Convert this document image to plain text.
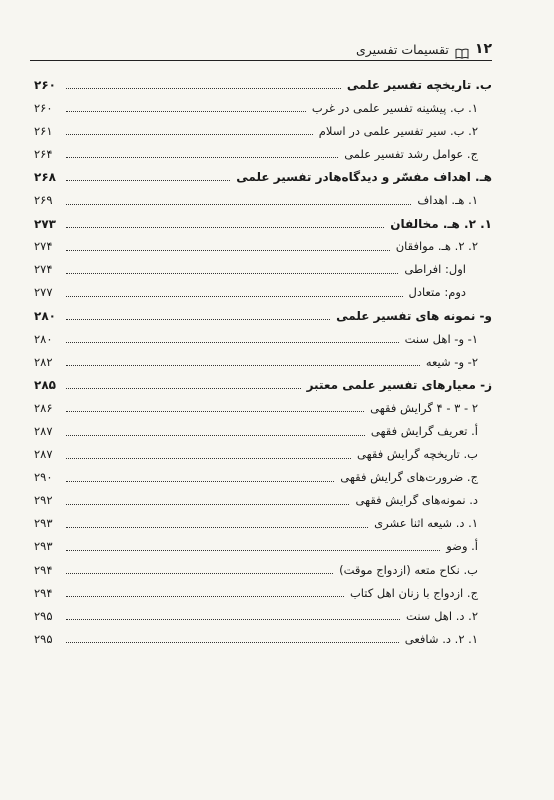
۱۲
تقسیمات تفسیری
ب. تاریخچه تفسیر علمی
۲۶۰
۱. ب. پیشینه تفسیر علمی در غرب
۲۶۰
۲. ب. سیر تفسیر علمی در اسلام
۲۶۱
ج. عوامل رشد تفسیر علمی
۲۶۴
هـ. اهداف مفسّر و دیدگاه‌هادر تفسیر علمی
۲۶۸
۱. هـ. اهداف
۲۶۹
۱. ۲. هـ. مخالفان
۲۷۳
۲. ۲. هـ. موافقان
۲۷۴
اول: افراطی
۲۷۴
دوم: متعادل
۲۷۷
و- نمونه های تفسیر علمی
۲۸۰
۱- و- اهل سنت
۲۸۰
۲- و- شیعه
۲۸۲
ز- معیارهای تفسیر علمی معتبر
۲۸۵
۲ - ۳ - ۴ گرایش فقهی
۲۸۶
أ. تعریف گرایش فقهی
۲۸۷
ب. تاریخچه گرایش فقهی
۲۸۷
ج. ضرورت‌های گرایش فقهی
۲۹۰
د. نمونه‌های گرایش فقهی
۲۹۲
۱. د. شیعه اثنا عشری
۲۹۳
أ. وضو
۲۹۳
ب. نکاح متعه (ازدواج موقت)
۲۹۴
ج. ازدواج با زنان اهل کتاب
۲۹۴
۲. د. اهل سنت
۲۹۵
۱. ۲. د. شافعی
۲۹۵
